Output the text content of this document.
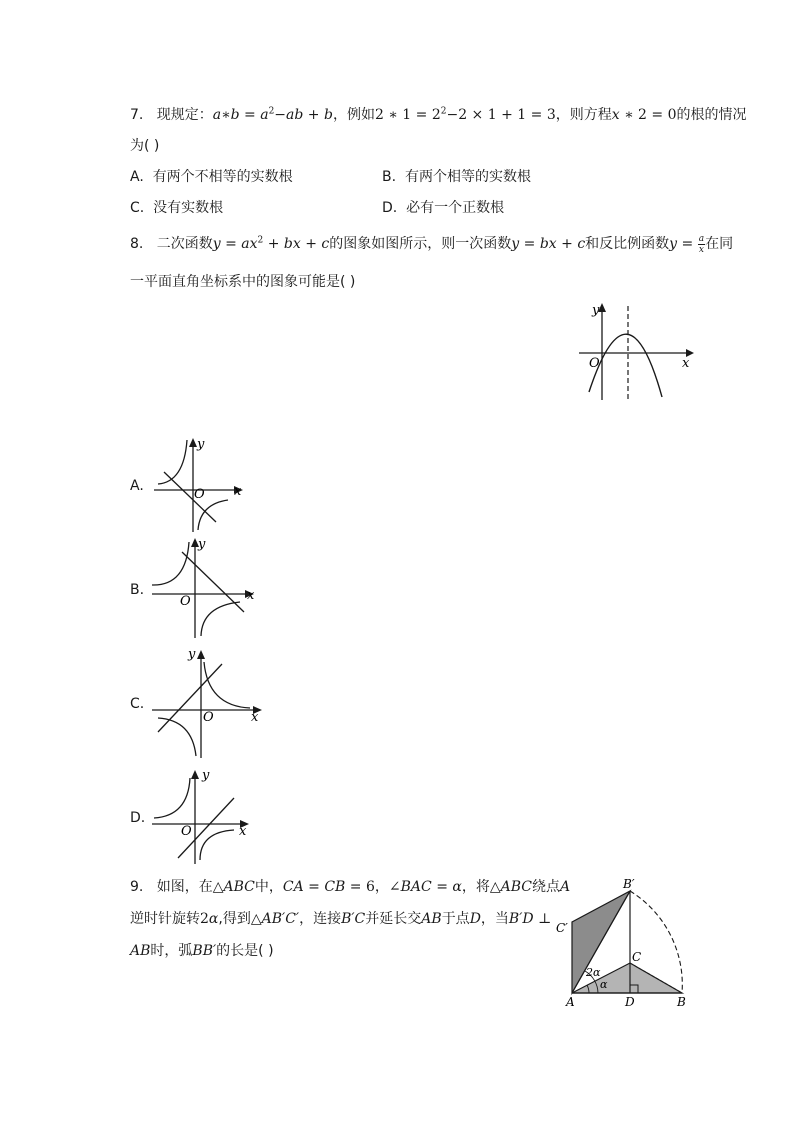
7. 现规定：a∗b = $a^2-ab + b$，例如2 ∗ $1 = 2^2-2 \times 1 + 1 = 3$，则方程x ∗ 2 = 0的根的情况
为( )
A. 有两个不相等的实数根	B. 有两个相等的实数根
C. 没有实数根	D. 必有一个正数根
8. 二次函数$y = ax^2$ + bx + c的图象如图所示，则一次函数y = bx + c和反比例函数$y = \frac{a}{x}$ 在同
一平面直角坐标系中的图象可能是( )
y
x
O
A.
y
x
O
B.
y
x
O
C.
y
x
O
D.
y
x
O
9. 如图，在△ABC中，CA = CB = 6，∠BAC = α，将△ABC绕点A
逆时针旋转2α,得到△AB′C′，连接B′C并延长交AB于点D，当B′D ⊥
AB时，弧BB′的长是( )
A	D	B
C
B′
C′
2α
α
